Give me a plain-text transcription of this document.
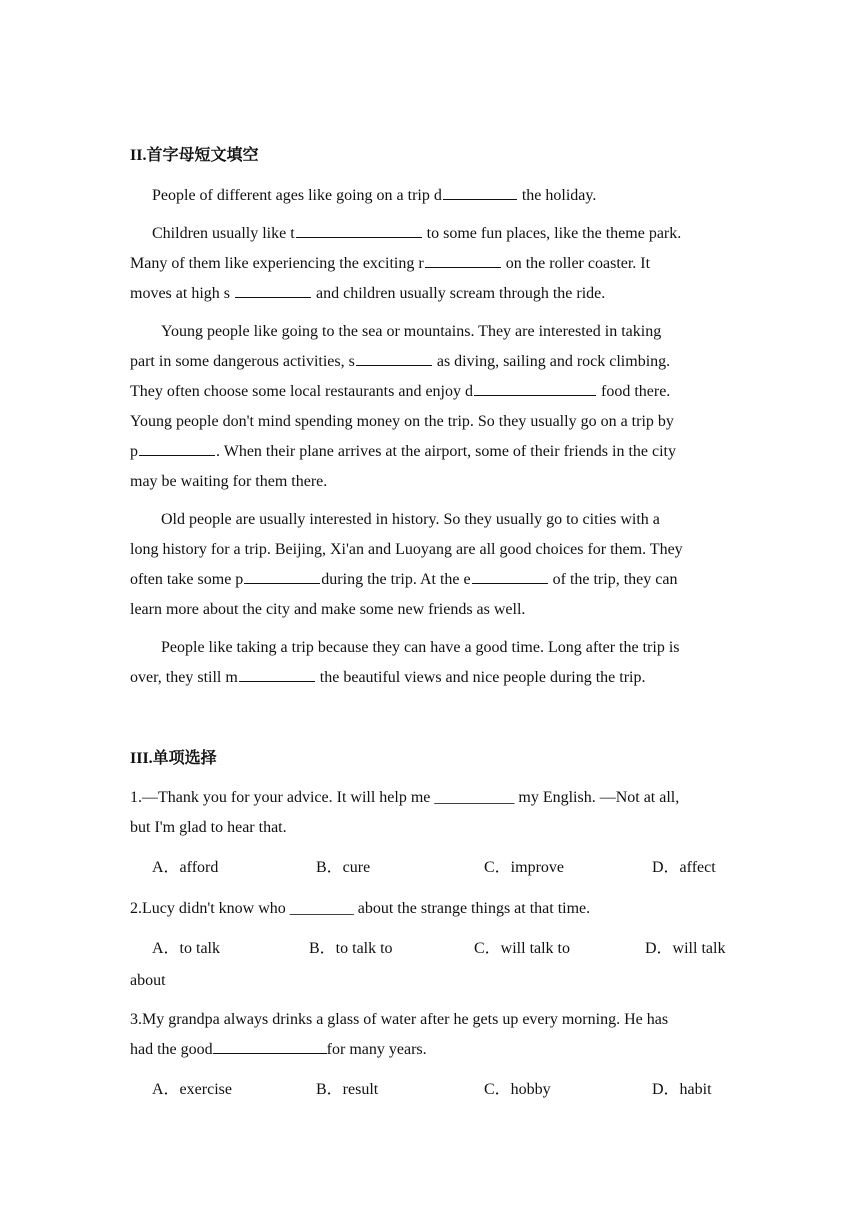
II.首字母短文填空
People of different ages like going on a trip d	the holiday.
Children usually like t	to some fun places, like the theme park.
Many of them like experiencing the exciting r	on the roller coaster. It
moves at high s	and children usually scream through the ride.
Young people like going to the sea or mountains. They are interested in taking
part in some dangerous activities, s	as diving, sailing and rock climbing.
They often choose some local restaurants and enjoy d	food there.
Young people don't mind spending money on the trip. So they usually go on a trip by
p	. When their plane arrives at the airport, some of their friends in the city
may be waiting for them there.
Old people are usually interested in history. So they usually go to cities with a
long history for a trip. Beijing, Xi'an and Luoyang are all good choices for them. They
often take some p	during the trip. At the e	of the trip, they can
learn more about the city and make some new friends as well.
People like taking a trip because they can have a good time. Long after the trip is
over, they still m	the beautiful views and nice people during the trip.
III.单项选择
1.—Thank you for your advice. It will help me __________ my English. —Not at all,
but I'm glad to hear that.
A．afford	B．cure	C．improve	D．affect
2.Lucy didn't know who ________ about the strange things at that time.
A．to talk	B．to talk to	C．will talk to	D．will talk
about
3.My grandpa always drinks a glass of water after he gets up every morning. He has
had the good	for many years.
A．exercise	B．result	C．hobby	D．habit
